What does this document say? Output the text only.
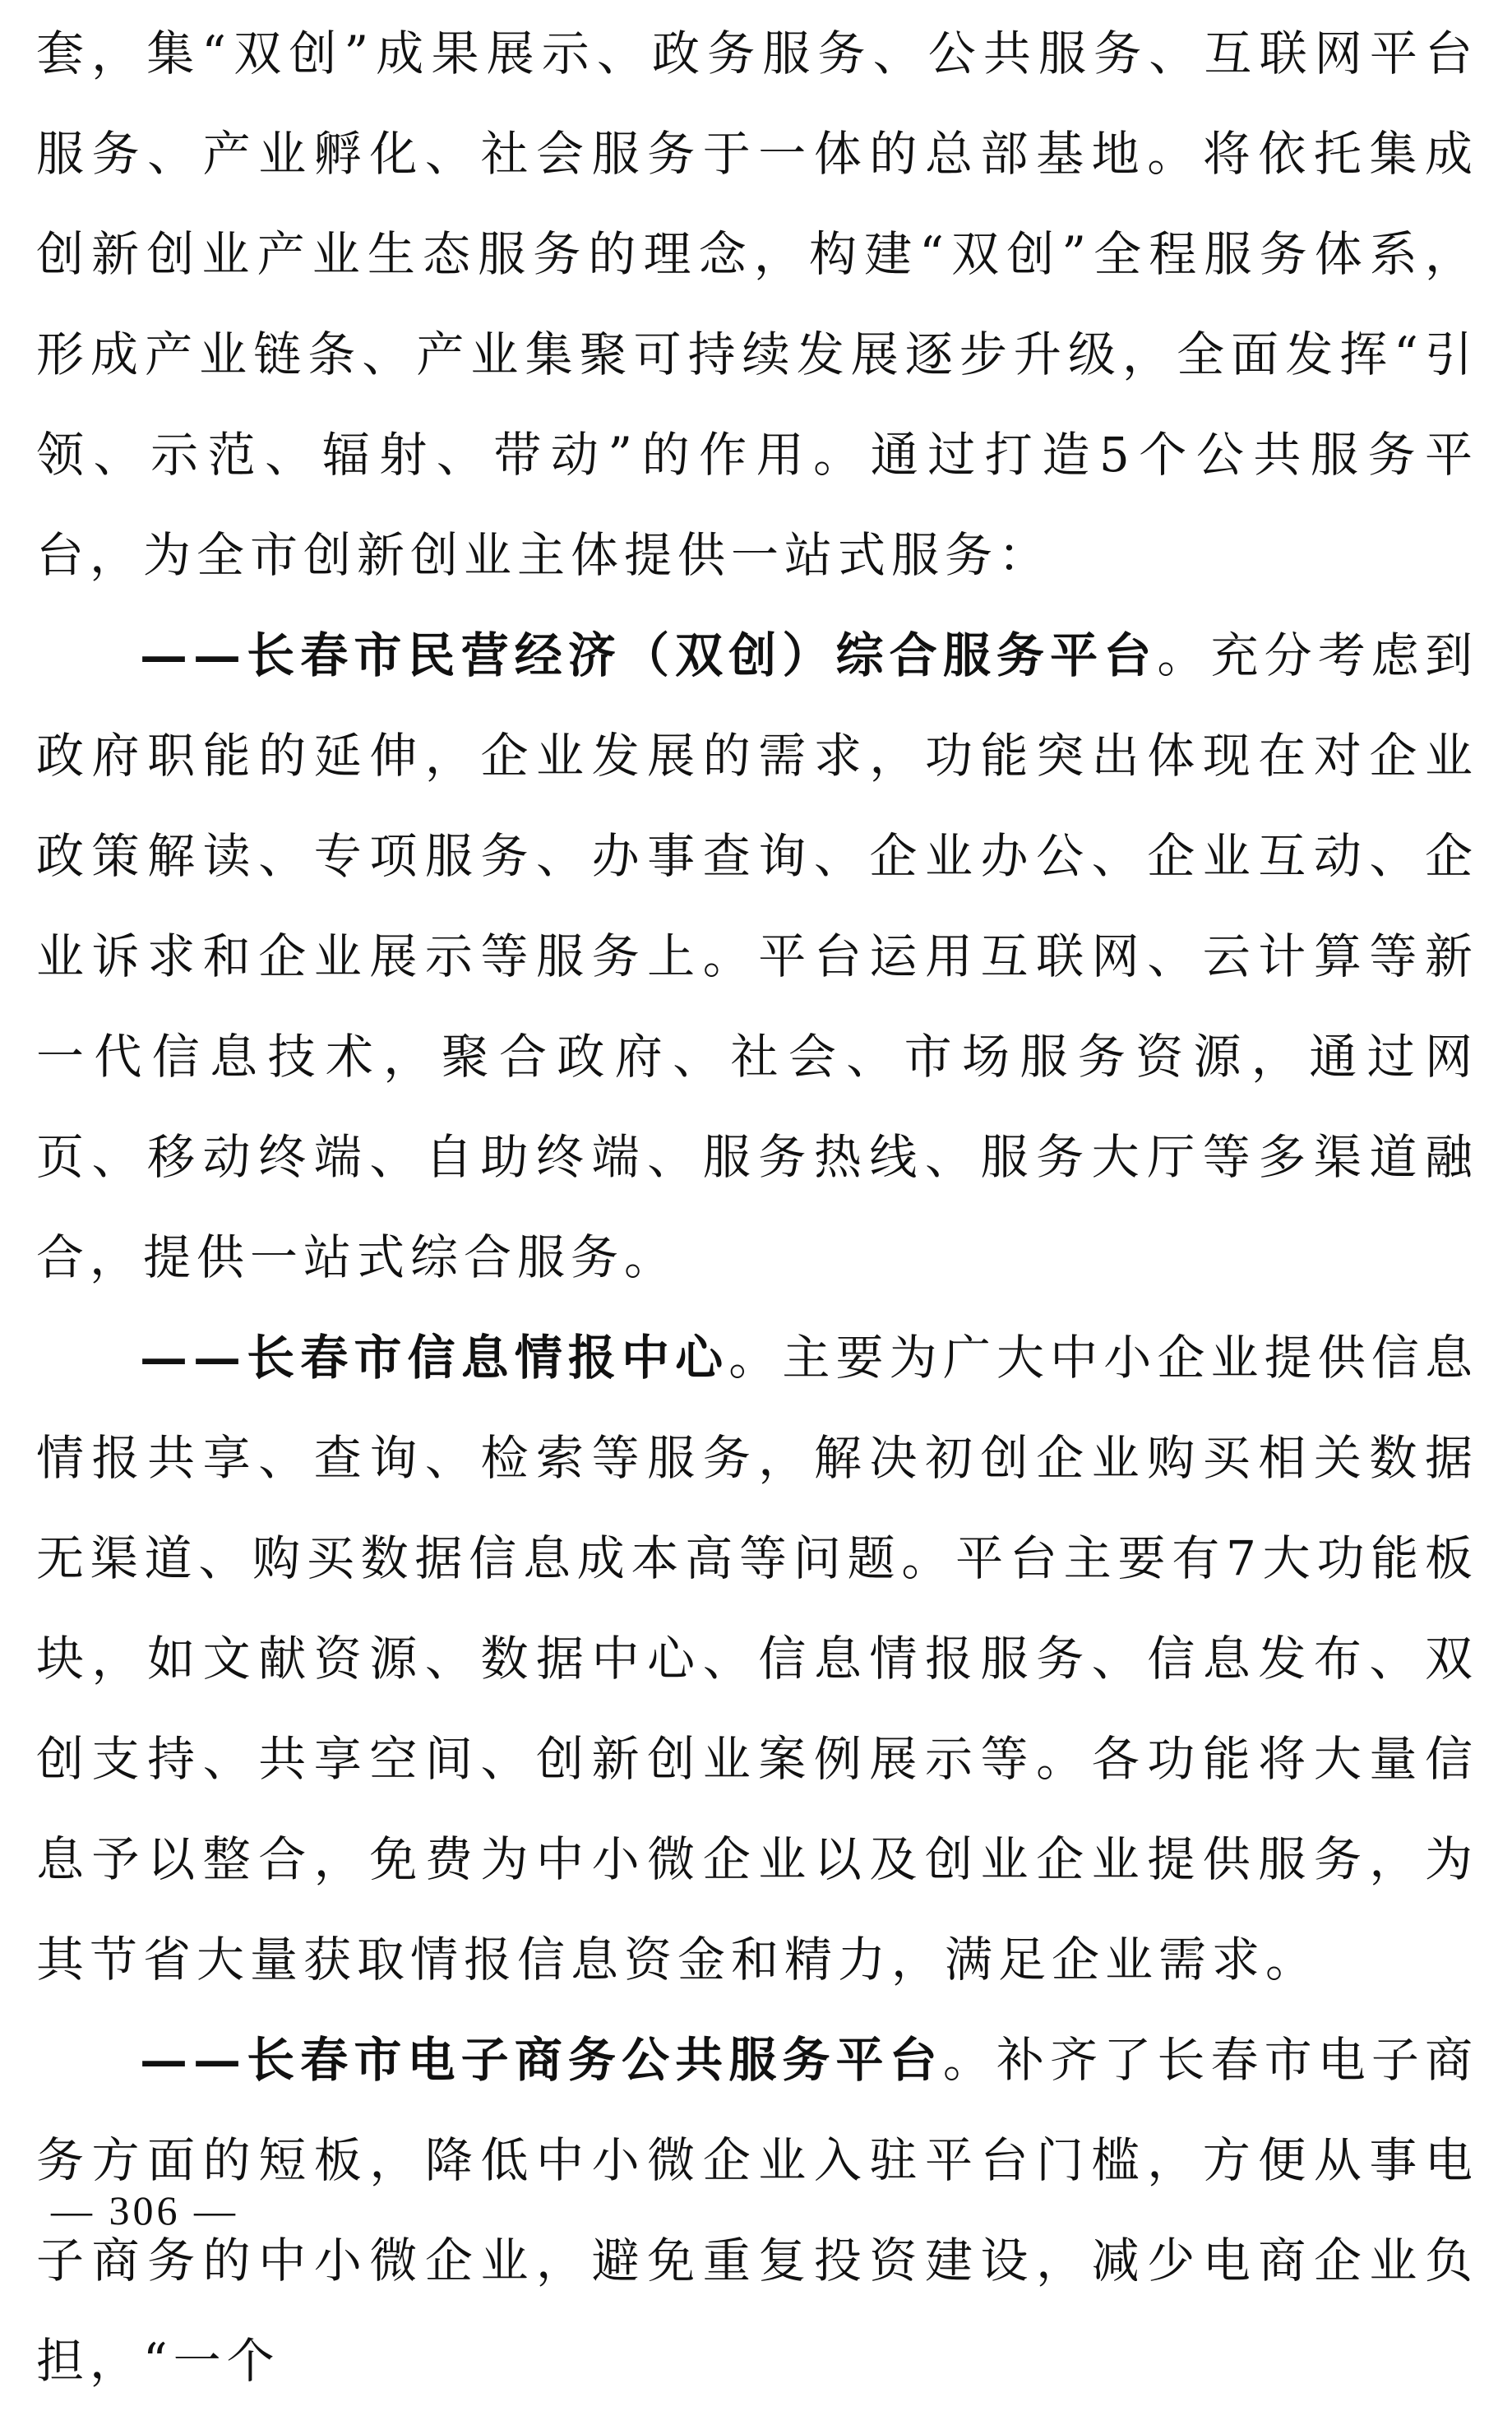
套，集“双创”成果展示、政务服务、公共服务、互联网平台服务、产业孵化、社会服务于一体的总部基地。将依托集成创新创业产业生态服务的理念，构建“双创”全程服务体系，形成产业链条、产业集聚可持续发展逐步升级，全面发挥“引领、示范、辐射、带动”的作用。通过打造5个公共服务平台，为全市创新创业主体提供一站式服务：

——长春市民营经济（双创）综合服务平台。充分考虑到政府职能的延伸，企业发展的需求，功能突出体现在对企业政策解读、专项服务、办事查询、企业办公、企业互动、企业诉求和企业展示等服务上。平台运用互联网、云计算等新一代信息技术，聚合政府、社会、市场服务资源，通过网页、移动终端、自助终端、服务热线、服务大厅等多渠道融合，提供一站式综合服务。

——长春市信息情报中心。主要为广大中小企业提供信息情报共享、查询、检索等服务，解决初创企业购买相关数据无渠道、购买数据信息成本高等问题。平台主要有7大功能板块，如文献资源、数据中心、信息情报服务、信息发布、双创支持、共享空间、创新创业案例展示等。各功能将大量信息予以整合，免费为中小微企业以及创业企业提供服务，为其节省大量获取情报信息资金和精力，满足企业需求。

——长春市电子商务公共服务平台。补齐了长春市电子商务方面的短板，降低中小微企业入驻平台门槛，方便从事电子商务的中小微企业，避免重复投资建设，减少电商企业负担，“一个

— 306 —
